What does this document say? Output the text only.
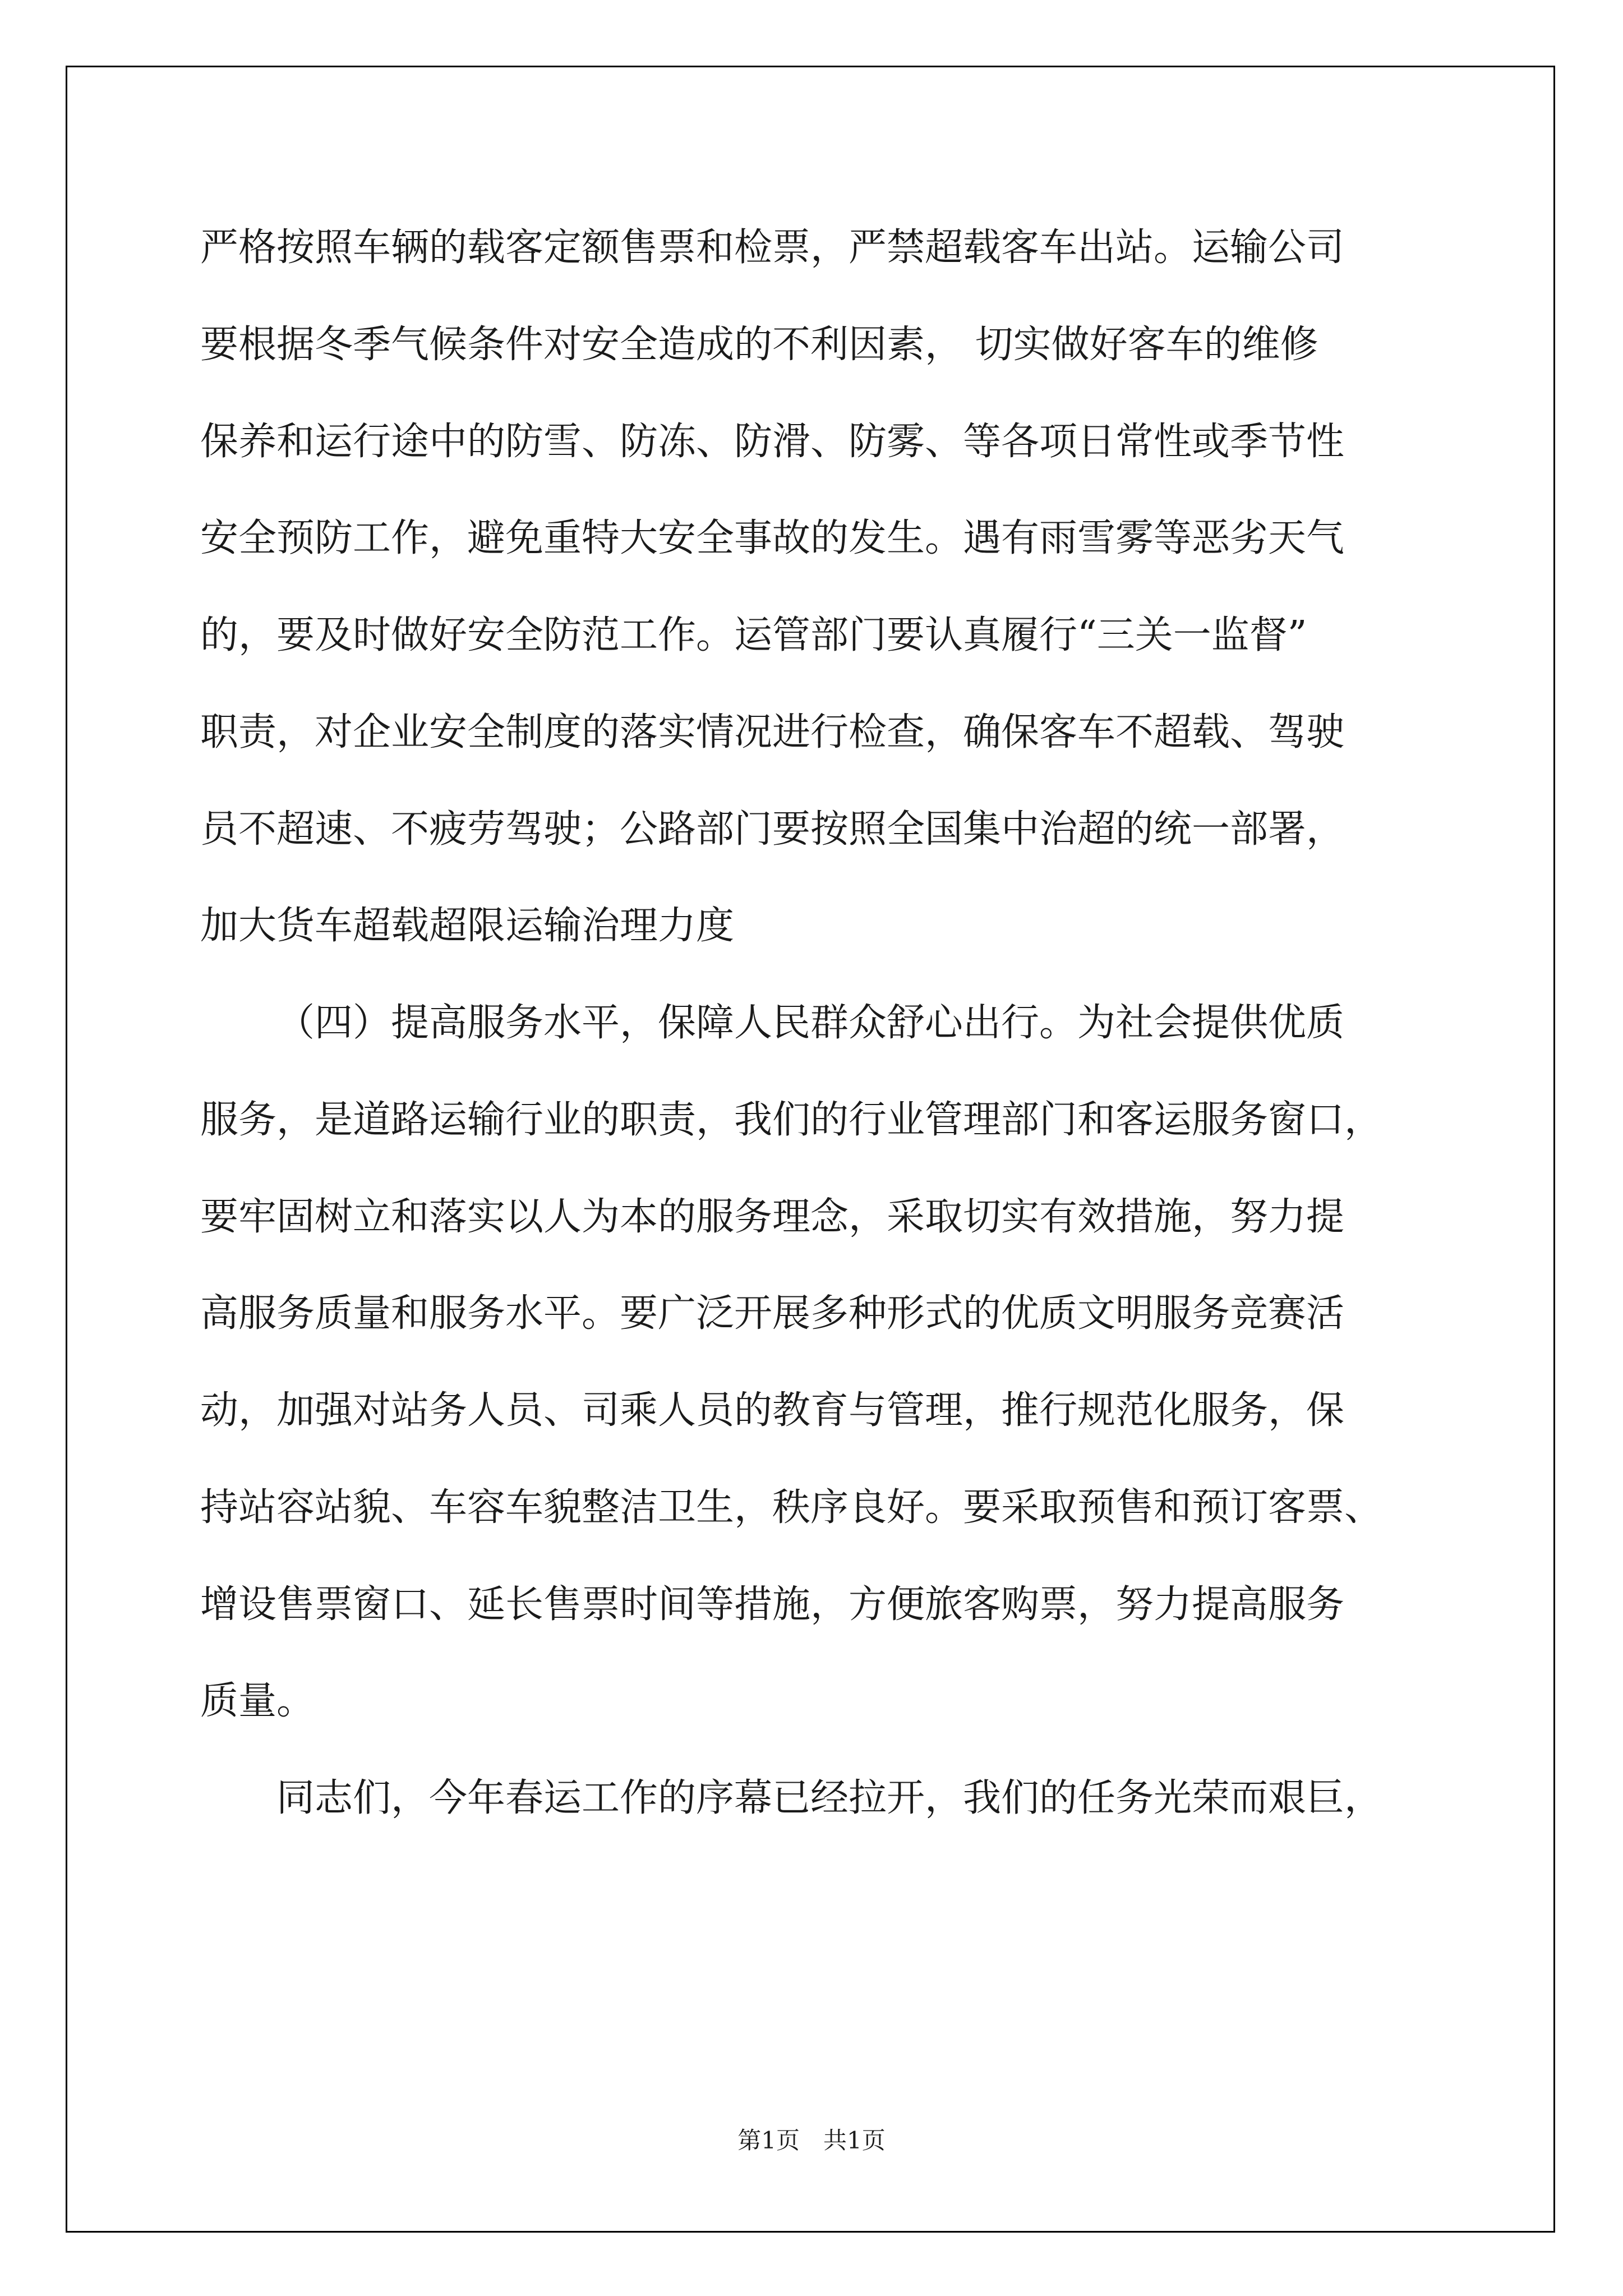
严格按照车辆的载客定额售票和检票，严禁超载客车出站。运输公司
要根据冬季气候条件对安全造成的不利因素， 切实做好客车的维修
保养和运行途中的防雪、防冻、防滑、防雾、等各项日常性或季节性
安全预防工作，避免重特大安全事故的发生。遇有雨雪雾等恶劣天气
的，要及时做好安全防范工作。运管部门要认真履行“三关一监督”
职责，对企业安全制度的落实情况进行检查，确保客车不超载、驾驶
员不超速、不疲劳驾驶；公路部门要按照全国集中治超的统一部署，
加大货车超载超限运输治理力度
（四）提高服务水平，保障人民群众舒心出行。为社会提供优质
服务，是道路运输行业的职责，我们的行业管理部门和客运服务窗口，
要牢固树立和落实以人为本的服务理念，采取切实有效措施，努力提
高服务质量和服务水平。要广泛开展多种形式的优质文明服务竞赛活
动，加强对站务人员、司乘人员的教育与管理，推行规范化服务，保
持站容站貌、车容车貌整洁卫生，秩序良好。要采取预售和预订客票、
增设售票窗口、延长售票时间等措施，方便旅客购票，努力提高服务
质量。
同志们，今年春运工作的序幕已经拉开，我们的任务光荣而艰巨，
第1页　共1页
